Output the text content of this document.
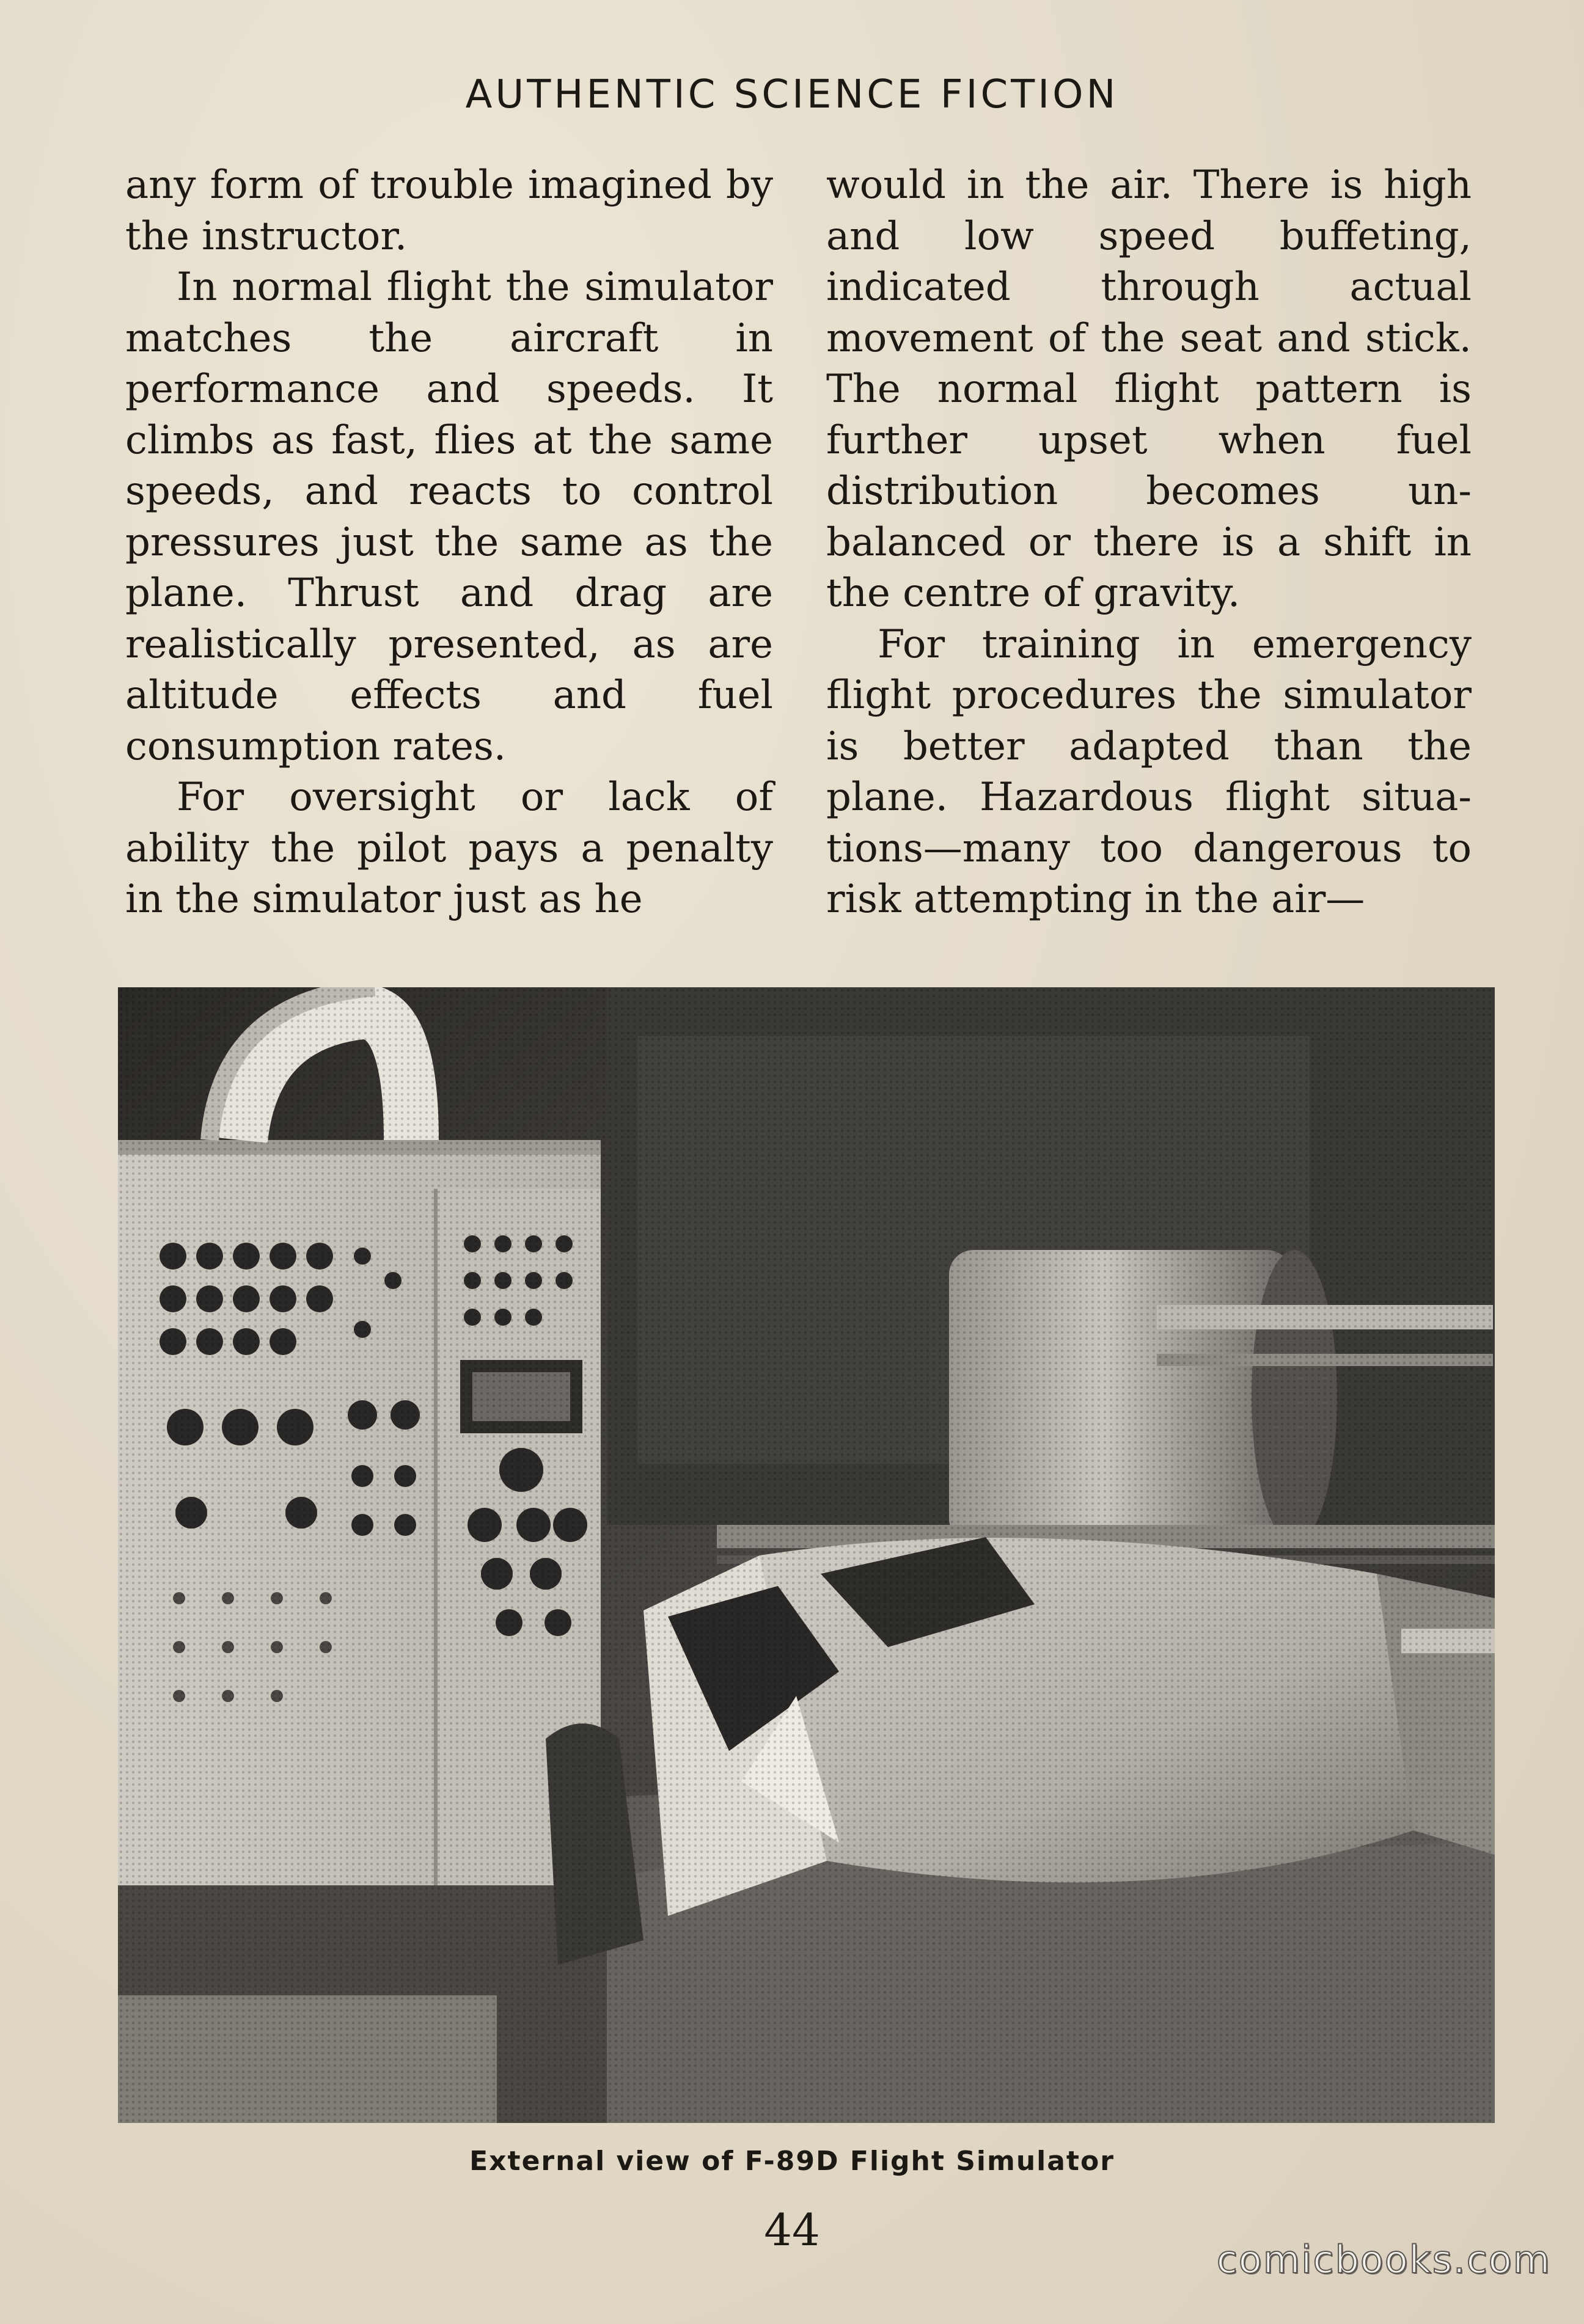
AUTHENTIC SCIENCE FICTION

any form of trouble imagined by the instructor.

In normal flight the simulator matches the aircraft in performance and speeds. It climbs as fast, flies at the same speeds, and reacts to control pressures just the same as the plane. Thrust and drag are realistically presented, as are altitude effects and fuel consumption rates.

For oversight or lack of ability the pilot pays a penalty in the simulator just as he

would in the air. There is high and low speed buffeting, indicated through actual movement of the seat and stick. The normal flight pattern is further upset when fuel distribution becomes unbalanced or there is a shift in the centre of gravity.

For training in emergency flight procedures the simulator is better adapted than the plane. Hazardous flight situations—many too dangerous to risk attempting in the air—

External view of F-89D Flight Simulator
44
comicbooks.com
